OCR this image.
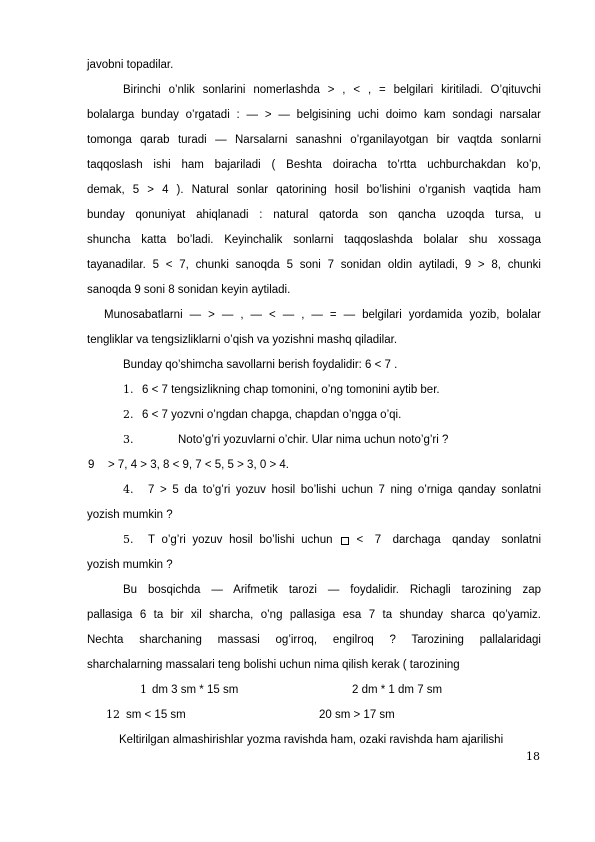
javobni topadilar.
Birinchi o’nlik sonlarini nomerlashda > , < , = belgilari kiritiladi. O’qituvchi
bolalarga bunday o’rgatadi : — > — belgisining uchi doimo kam sondagi narsalar
tomonga qarab turadi — Narsalarni sanashni o’rganilayotgan bir vaqtda sonlarni
taqqoslash ishi ham bajariladi ( Beshta doiracha to’rtta uchburchakdan ko’p,
demak, 5 > 4 ). Natural sonlar qatorining hosil bo’lishini o’rganish vaqtida ham
bunday qonuniyat ahiqlanadi : natural qatorda son qancha uzoqda tursa, u
shuncha katta bo’ladi. Keyinchalik sonlarni taqqoslashda bolalar shu xossaga
tayanadilar. 5 < 7, chunki sanoqda 5 soni 7 sonidan oldin aytiladi, 9 > 8, chunki
sanoqda 9 soni 8 sonidan keyin aytiladi.
Munosabatlarni — > — , — < — , — = — belgilari yordamida yozib, bolalar
tengliklar va tengsizliklarni o’qish va yozishni mashq qiladilar.
Bunday qo’shimcha savollarni berish foydalidir: 6 < 7 .
1. 6 < 7 tengsizlikning chap tomonini, o’ng tomonini aytib ber.
2. 6 < 7 yozvni o’ngdan chapga, chapdan o’ngga o’qi.
3.	Noto’g’ri yozuvlarni o’chir. Ular nima uchun noto’g’ri ?
9 > 7, 4 > 3, 8 < 9, 7 < 5, 5 > 3, 0 > 4.
4. 7 > 5 da to’g’ri yozuv hosil bo’lishi uchun 7 ning o’rniga qanday sonlatni
yozish mumkin ?
5. T o’g’ri yozuv hosil bo’lishi uchun < 7 darchaga qanday sonlatni
yozish mumkin ?
Bu bosqichda — Arifmetik tarozi — foydalidir. Richagli tarozining zap
pallasiga 6 ta bir xil sharcha, o’ng pallasiga esa 7 ta shunday sharca qo’yamiz.
Nechta sharchaning massasi og’irroq, engilroq ? Tarozining pallalaridagi
sharchalarning massalari teng bolishi uchun nima qilish kerak ( tarozining
1 dm 3 sm * 15 sm	2 dm * 1 dm 7 sm
12 sm < 15 sm	20 sm > 17 sm
Keltirilgan almashirishlar yozma ravishda ham, ozaki ravishda ham ajarilishi
18
